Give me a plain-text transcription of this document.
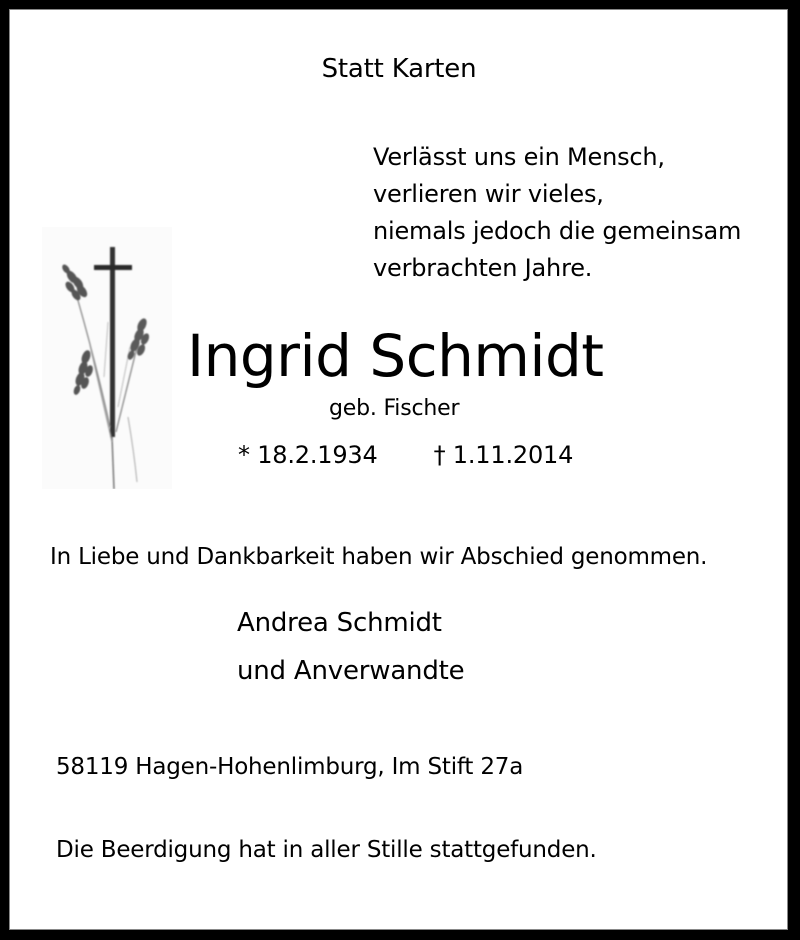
Statt Karten
Verlässt uns ein Mensch,
verlieren wir vieles,
niemals jedoch die gemeinsam
verbrachten Jahre.
Ingrid Schmidt
geb. Fischer
* 18.2.1934 † 1.11.2014
In Liebe und Dankbarkeit haben wir Abschied genommen.
Andrea Schmidt
und Anverwandte
58119 Hagen-Hohenlimburg, Im Stift 27a
Die Beerdigung hat in aller Stille stattgefunden.
